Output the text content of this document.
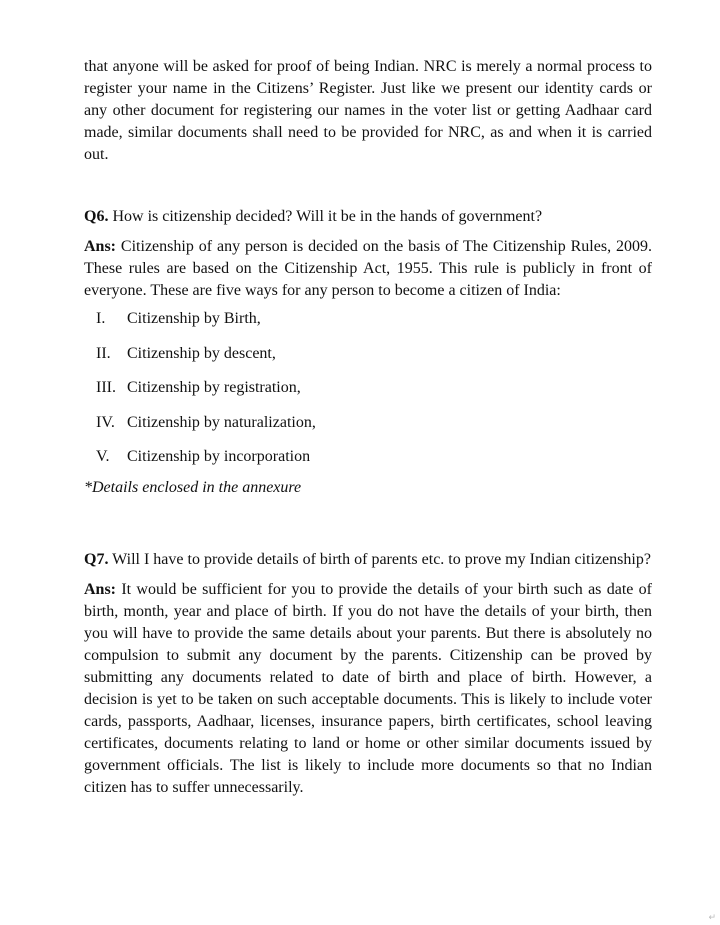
that anyone will be asked for proof of being Indian. NRC is merely a normal process to register your name in the Citizens’ Register. Just like we present our identity cards or any other document for registering our names in the voter list or getting Aadhaar card made, similar documents shall need to be provided for NRC, as and when it is carried out.

Q6. How is citizenship decided? Will it be in the hands of government?

Ans: Citizenship of any person is decided on the basis of The Citizenship Rules, 2009. These rules are based on the Citizenship Act, 1955. This rule is publicly in front of everyone. These are five ways for any person to become a citizen of India:

I.	Citizenship by Birth,
II.	Citizenship by descent,
III. Citizenship by registration,
IV. Citizenship by naturalization,
V.	Citizenship by incorporation

*Details enclosed in the annexure

Q7. Will I have to provide details of birth of parents etc. to prove my Indian citizenship?

Ans: It would be sufficient for you to provide the details of your birth such as date of birth, month, year and place of birth. If you do not have the details of your birth, then you will have to provide the same details about your parents. But there is absolutely no compulsion to submit any document by the parents. Citizenship can be proved by submitting any documents related to date of birth and place of birth. However, a decision is yet to be taken on such acceptable documents. This is likely to include voter cards, passports, Aadhaar, licenses, insurance papers, birth certificates, school leaving certificates, documents relating to land or home or other similar documents issued by government officials. The list is likely to include more documents so that no Indian citizen has to suffer unnecessarily.

↵
